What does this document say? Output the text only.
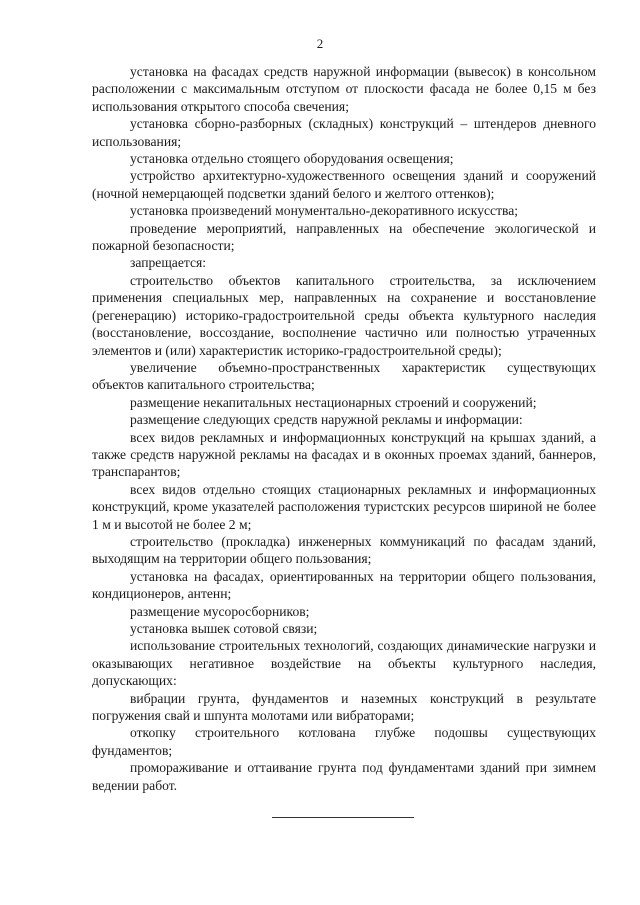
2

установка на фасадах средств наружной информации (вывесок) в консольном расположении с максимальным отступом от плоскости фасада не более 0,15 м без использования открытого способа свечения;

установка сборно-разборных (складных) конструкций – штендеров дневного использования;

установка отдельно стоящего оборудования освещения;

устройство архитектурно-художественного освещения зданий и сооружений (ночной немерцающей подсветки зданий белого и желтого оттенков);

установка произведений монументально-декоративного искусства;

проведение мероприятий, направленных на обеспечение экологической и пожарной безопасности;

запрещается:

строительство объектов капитального строительства, за исключением применения специальных мер, направленных на сохранение и восстановление (регенерацию) историко-градостроительной среды объекта культурного наследия (восстановление, воссоздание, восполнение частично или полностью утраченных элементов и (или) характеристик историко-градостроительной среды);

увеличение объемно-пространственных характеристик существующих объектов капитального строительства;

размещение некапитальных нестационарных строений и сооружений;

размещение следующих средств наружной рекламы и информации:

всех видов рекламных и информационных конструкций на крышах зданий, а также средств наружной рекламы на фасадах и в оконных проемах зданий, баннеров, транспарантов;

всех видов отдельно стоящих стационарных рекламных и информационных конструкций, кроме указателей расположения туристских ресурсов шириной не более 1 м и высотой не более 2 м;

строительство (прокладка) инженерных коммуникаций по фасадам зданий, выходящим на территории общего пользования;

установка на фасадах, ориентированных на территории общего пользования, кондиционеров, антенн;

размещение мусоросборников;

установка вышек сотовой связи;

использование строительных технологий, создающих динамические нагрузки и оказывающих негативное воздействие на объекты культурного наследия, допускающих:

вибрации грунта, фундаментов и наземных конструкций в результате погружения свай и шпунта молотами или вибраторами;

откопку строительного котлована глубже подошвы существующих фундаментов;

промораживание и оттаивание грунта под фундаментами зданий при зимнем ведении работ.
